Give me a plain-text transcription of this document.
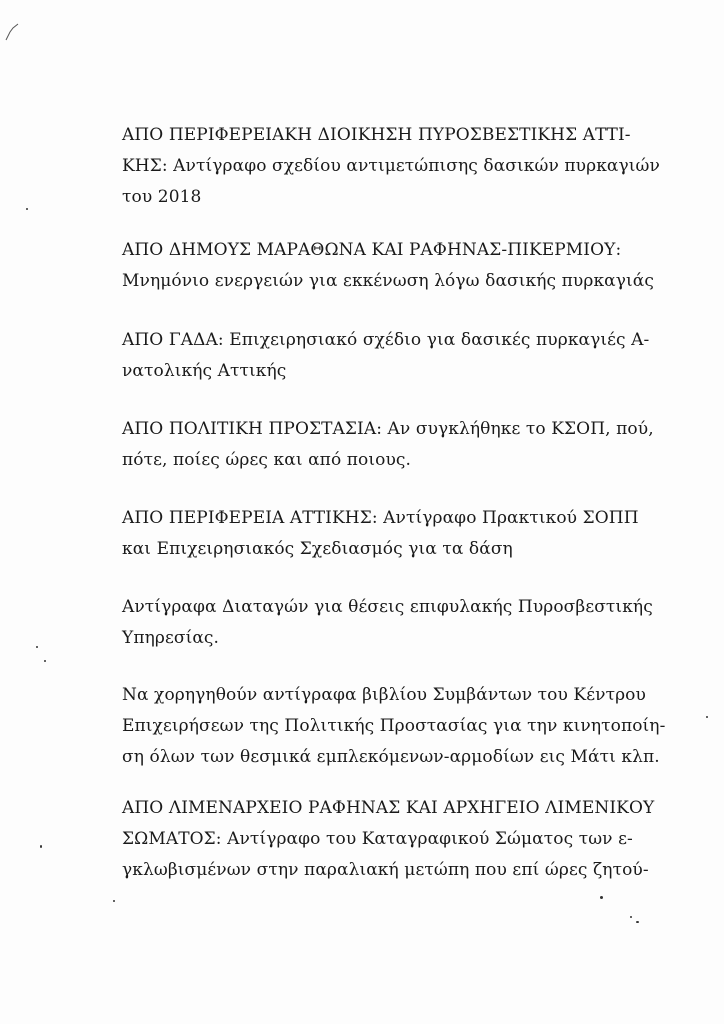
ΑΠΟ ΠΕΡΙΦΕΡΕΙΑΚΗ ΔΙΟΙΚΗΣΗ ΠΥΡΟΣΒΕΣΤΙΚΗΣ ΑΤΤΙ-
ΚΗΣ: Αντίγραφο σχεδίου αντιμετώπισης δασικών πυρκαγιών
του 2018
ΑΠΟ ΔΗΜΟΥΣ ΜΑΡΑΘΩΝΑ ΚΑΙ ΡΑΦΗΝΑΣ-ΠΙΚΕΡΜΙΟΥ:
Μνημόνιο ενεργειών για εκκένωση λόγω δασικής πυρκαγιάς
ΑΠΟ ΓΑΔΑ: Επιχειρησιακό σχέδιο για δασικές πυρκαγιές Α-
νατολικής Αττικής
ΑΠΟ ΠΟΛΙΤΙΚΗ ΠΡΟΣΤΑΣΙΑ: Αν συγκλήθηκε το ΚΣΟΠ, πού,
πότε, ποίες ώρες και από ποιους.
ΑΠΟ ΠΕΡΙΦΕΡΕΙΑ ΑΤΤΙΚΗΣ: Αντίγραφο Πρακτικού ΣΟΠΠ
και Επιχειρησιακός Σχεδιασμός για τα δάση
Αντίγραφα Διαταγών για θέσεις επιφυλακής Πυροσβεστικής
Υπηρεσίας.
Να χορηγηθούν αντίγραφα βιβλίου Συμβάντων του Κέντρου
Επιχειρήσεων της Πολιτικής Προστασίας για την κινητοποίη-
ση όλων των θεσμικά εμπλεκόμενων-αρμοδίων εις Μάτι κλπ.
ΑΠΟ ΛΙΜΕΝΑΡΧΕΙΟ ΡΑΦΗΝΑΣ ΚΑΙ ΑΡΧΗΓΕΙΟ ΛΙΜΕΝΙΚΟΥ
ΣΩΜΑΤΟΣ: Αντίγραφο του Καταγραφικού Σώματος των ε-
γκλωβισμένων στην παραλιακή μετώπη που επί ώρες ζητού-
